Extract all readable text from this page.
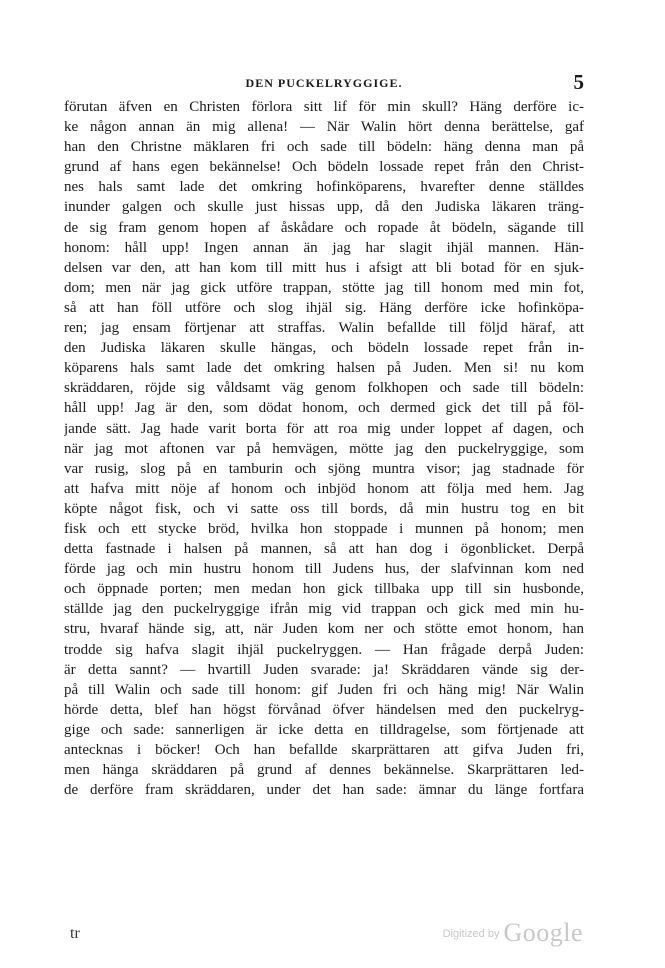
DEN PUCKELRYGGIGE.	5
förutan äfven en Christen förlora sitt lif för min skull? Häng derföre ic-
ke någon annan än mig allena! — När Walin hört denna berättelse, gaf
han den Christne mäklaren fri och sade till bödeln: häng denna man på
grund af hans egen bekännelse! Och bödeln lossade repet från den Christ-
nes hals samt lade det omkring hofinköparens, hvarefter denne ställdes
inunder galgen och skulle just hissas upp, då den Judiska läkaren träng-
de sig fram genom hopen af åskådare och ropade åt bödeln, sägande till
honom: håll upp! Ingen annan än jag har slagit ihjäl mannen. Hän-
delsen var den, att han kom till mitt hus i afsigt att bli botad för en sjuk-
dom; men när jag gick utföre trappan, stötte jag till honom med min fot,
så att han föll utföre och slog ihjäl sig. Häng derföre icke hofinköpa-
ren; jag ensam förtjenar att straffas. Walin befallde till följd häraf, att
den Judiska läkaren skulle hängas, och bödeln lossade repet från in-
köparens hals samt lade det omkring halsen på Juden. Men si! nu kom
skräddaren, röjde sig våldsamt väg genom folkhopen och sade till bödeln:
håll upp! Jag är den, som dödat honom, och dermed gick det till på föl-
jande sätt. Jag hade varit borta för att roa mig under loppet af dagen, och
när jag mot aftonen var på hemvägen, mötte jag den puckelryggige, som
var rusig, slog på en tamburin och sjöng muntra visor; jag stadnade för
att hafva mitt nöje af honom och inbjöd honom att följa med hem. Jag
köpte något fisk, och vi satte oss till bords, då min hustru tog en bit
fisk och ett stycke bröd, hvilka hon stoppade i munnen på honom; men
detta fastnade i halsen på mannen, så att han dog i ögonblicket. Derpå
förde jag och min hustru honom till Judens hus, der slafvinnan kom ned
och öppnade porten; men medan hon gick tillbaka upp till sin husbonde,
ställde jag den puckelryggige ifrån mig vid trappan och gick med min hu-
stru, hvaraf hände sig, att, när Juden kom ner och stötte emot honom, han
trodde sig hafva slagit ihjäl puckelryggen. — Han frågade derpå Juden:
är detta sannt? — hvartill Juden svarade: ja! Skräddaren vände sig der-
på till Walin och sade till honom: gif Juden fri och häng mig! När Walin
hörde detta, blef han högst förvånad öfver händelsen med den puckelryg-
gige och sade: sannerligen är icke detta en tilldragelse, som förtjenade att
antecknas i böcker! Och han befallde skarprättaren att gifva Juden fri,
men hänga skräddaren på grund af dennes bekännelse. Skarprättaren led-
de derföre fram skräddaren, under det han sade: ämnar du länge fortfara
tr	$^{Digitized by}$ Google
